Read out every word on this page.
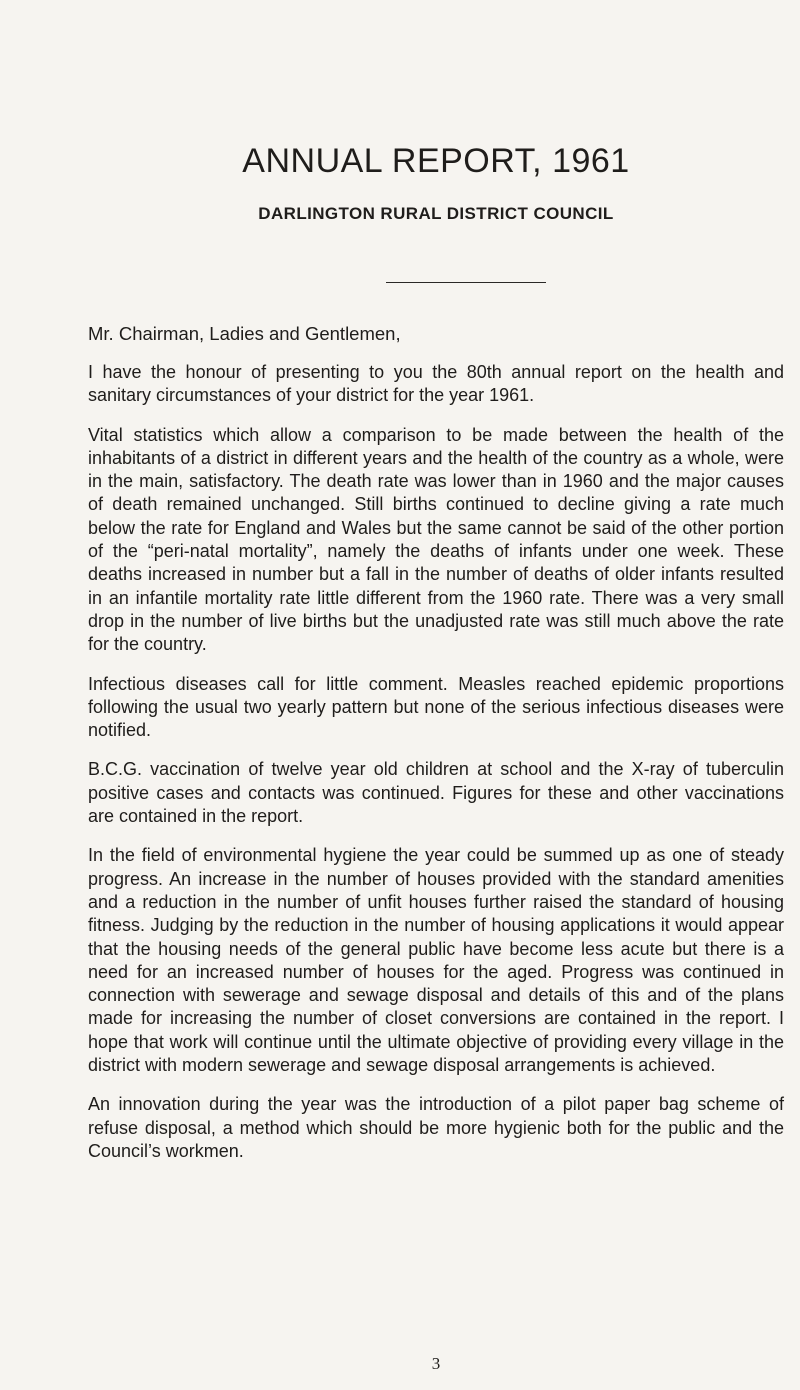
ANNUAL REPORT, 1961
DARLINGTON RURAL DISTRICT COUNCIL

Mr. Chairman, Ladies and Gentlemen,

I have the honour of presenting to you the 80th annual report on the health and sanitary circumstances of your district for the year 1961.

Vital statistics which allow a comparison to be made between the health of the inhabitants of a district in different years and the health of the country as a whole, were in the main, satisfactory. The death rate was lower than in 1960 and the major causes of death remained unchanged. Still births continued to decline giving a rate much below the rate for England and Wales but the same cannot be said of the other portion of the “peri-natal mortality”, namely the deaths of infants under one week. These deaths increased in number but a fall in the number of deaths of older infants resulted in an infantile mortality rate little different from the 1960 rate. There was a very small drop in the number of live births but the unadjusted rate was still much above the rate for the country.

Infectious diseases call for little comment. Measles reached epidemic proportions following the usual two yearly pattern but none of the serious infectious diseases were notified.

B.C.G. vaccination of twelve year old children at school and the X-ray of tuberculin positive cases and contacts was continued. Figures for these and other vaccinations are contained in the report.

In the field of environmental hygiene the year could be summed up as one of steady progress. An increase in the number of houses provided with the standard amenities and a reduction in the number of unfit houses further raised the standard of housing fitness. Judging by the reduction in the number of housing applications it would appear that the housing needs of the general public have become less acute but there is a need for an increased number of houses for the aged. Progress was continued in connection with sewerage and sewage disposal and details of this and of the plans made for increasing the number of closet conversions are contained in the report. I hope that work will continue until the ultimate objective of providing every village in the district with modern sewerage and sewage disposal arrangements is achieved.

An innovation during the year was the introduction of a pilot paper bag scheme of refuse disposal, a method which should be more hygienic both for the public and the Council’s workmen.

3
